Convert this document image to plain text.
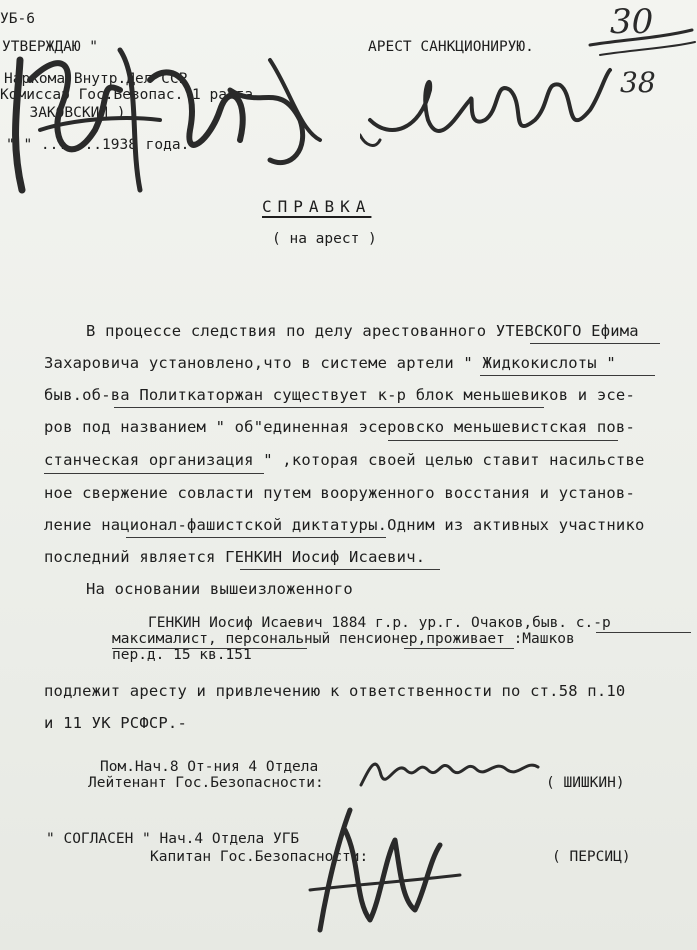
УБ-6
УТВЕРЖДАЮ "
Наркома Внутр.Дел ССР
Комиссар Гос.Безопас. 1 ранга
( ЗАКОВСКИЙ )
" " .......1938 года.
АРЕСТ САНКЦИОНИРУЮ.
30
38
СПРАВКА
( на арест )
В процессе следствия по делу арестованного УТЕВСКОГО Ефима
Захаровича установлено,что в системе артели " Жидкокислоты "
быв.об-ва Политкаторжан существует к-р блок меньшевиков и эсе-
ров под названием " об"единенная эсеровско меньшевистская пов-
станческая организация " ,которая своей целью ставит насильстве
ное свержение совласти путем вооруженного восстания и установ-
ление национал-фашистской диктатуры.Одним из активных участнико
последний является ГЕНКИН Иосиф Исаевич.
На основании вышеизложенного
ГЕНКИН Иосиф Исаевич 1884 г.р. ур.г. Очаков,быв. с.-р
максималист, персональный пенсионер,проживает :Машков
пер.д. 15 кв.151
подлежит аресту и привлечению к ответственности по ст.58 п.10
и 11 УК РСФСР.-
Пом.Нач.8 От-ния 4 Отдела
Лейтенант Гос.Безопасности:	( ШИШКИН)
" СОГЛАСЕН " Нач.4 Отдела УГБ
Капитан Гос.Безопасности:	( ПЕРСИЦ)
